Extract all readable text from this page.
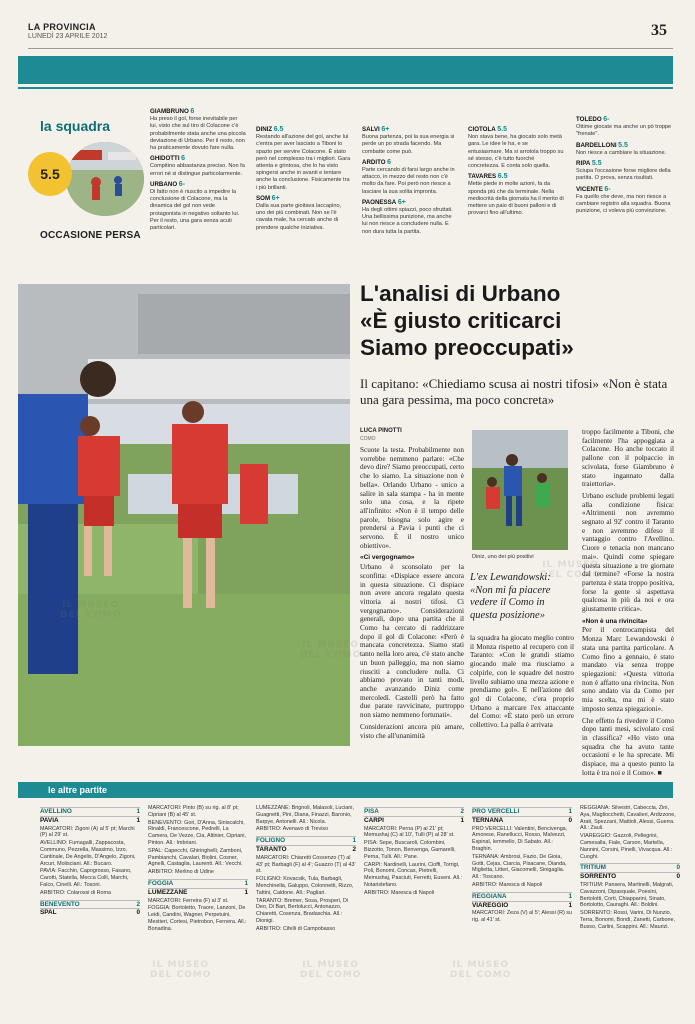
LA PROVINCIA
LUNEDÌ 23 APRILE 2012	35
la squadra
5.5
OCCASIONE PERSA
GIAMBRUNO 6
Ha preso il gol, forse inevitabile per lui, visto che sul tiro di Colacone c'è probabilmente stata anche una piccola deviazione di Urbano. Per il resto, non ha praticamente dovuto fare nulla.
GHIDOTTI 6
Compitino abbastanza preciso. Non fa errori né si distingue particolarmente.
URBANO 6-
Di fatto non è riuscito a impedire la conclusione di Colacone, ma la dinamica del gol non vede protagonista in negativo soltanto lui. Per il resto, una gara senza acuti particolari.
DINIZ 6.5
Restando all'azione del gol, anche lui c'entra per aver lasciato a Tiboni lo spazio per servire Colacone. È stato però nel complesso tra i migliori. Gara attenta e grintosa, che lo ha visto spingersi anche in avanti e tentare anche la conclusione. Fisicamente tra i più brillanti.
SOM 6+
Dalla sua parte gioitava laccapino, uno dei più combinati. Non se l'è cavata male, ha cercato anche di prendere qualche iniziativa.
SALVI 6+
Buona partenza, poi la sua energia si perde un po strada facendo. Ma combatte come può.
ARDITO 6
Parte cercando di farsi largo anche in attacco, in mezzo del resto non c'è molto da fare. Poi però non riesce a lasciare la sua solita impronta.
PAONESSA 6+
Ha degli ottimi spiazzi, poco sfruttati. Una bellissima punizione, ma anche lui non riesce a concludere nulla. E non dura tutta la partita.
CIOTOLA 5.5
Non stava bene, ha giocato solo metà gara. Le idee le ha, e se entusiasmare. Ma si arrotola troppo su sé stesso, c'è tutto fuorché concretezza. E conta solo quella.
TAVARES 6.5
Mette piede in molte azioni, fa da sponda più che da terminale. Nella mediocrità della giornata ha il merito di mettere un paio di buoni palloni e di provarci fino all'ultimo.
TOLEDO 6-
Ottime giocate ma anche un pò troppe "frenate".
BARDELLONI 5.5
Non riesce a cambiare la situazione.
RIPA 5.5
Sciupa l'occasione forse migliore della partita. O prova, senza risultati.
VICENTE 6-
Fa quello che deve, ma non riesce a cambiare registro alla squadra. Buona punizione, ci voleva più convinzione.
L'analisi di Urbano
«È giusto criticarci
Siamo preoccupati»
Il capitano: «Chiediamo scusa ai nostri tifosi» «Non è stata una gara pessima, ma poco concreta»
LUCA PINOTTI
COMO
Scuote la testa. Probabilmente non vorrebbe nemmeno parlare: «Che devo dire? Siamo preoccupati, certo che lo siamo. La situazione non è bella». Orlando Urbano - unico a salire in sala stampa - ha in mente solo una cosa, e la ripete all'infinito: «Non è il tempo delle parole, bisogna solo agire e prendersi a Pavia i punti che ci servono. È il nostro unico obiettivo».
«Ci vergognamo»
Urbano è sconsolato per la sconfitta: «Dispiace essere ancora in questa situazione. Ci dispiace non avere ancora regalato questa vittoria ai nostri tifosi. Ci vergognamo». Considerazioni generali, dopo una partita che il Como ha cercato di raddrizzare dopo il gol di Colacone: «Però è mancata concretezza. Siamo stati tanto nella loro area, c'è stato anche un buon palleggio, ma non siamo riusciti a concludere nulla. Ci abbiamo provato in tanti modi, anche avanzando Diniz come mercoledì. Castelli però ha fatto due parate ravvicinate, purtroppo non siamo nemmeno fortunati».
Considerazioni ancora più amare, visto che all'unanimità
Diniz, uno dei più positivi
L'ex Lewandowski: «Non mi fa piacere vedere il Como in questa posizione»
la squadra ha giocato meglio contro il Monza rispetto al recupero con il Taranto: «Con le grandi stiamo giocando male ma riusciamo a colpirle, con le squadre del nostro livello subiamo una mezza azione e prendiamo gol». E nell'azione del gol di Colacone, c'era proprio Urbano a marcare l'ex attaccante del Como: «È stato però un errore collettivo. La palla è arrivata
troppo facilmente a Tiboni, che facilmente l'ha appoggiata a Colacone. Ho anche toccato il pallone con il polpaccio in scivolata, forse Giambruno è stato ingannato dalla traiettoria».
Urbano esclude problemi legati alla condizione fisica: «Altrimenti non avremmo segnato al 92' contro il Taranto e non avremmo difeso il vantaggio contro l'Avellino. Cuore e tenacia non mancano mai». Quindi come spiegare questa situazione a tre giornate dal termine? «Forse la nostra partenza è stata troppo positiva, forse la gente si aspettava qualcosa in più da noi e ora giustamente critica».
«Non è una rivincita»
Per il centrocampista del Monza Marc Lewandowski è stata una partita particolare. A Como fino a gennaio, è stato mandato via senza troppe spiegazioni: «Questa vittoria non è affatto una rivincita. Non sono andato via da Como per mia scelta, ma mi è stato imposto senza spiegazioni».
Che effetto fa rivedere il Como dopo tanti mesi, scivolato così in classifica? «Ho visto una squadra che ha avuto tante occasioni e le ha sprecate. Mi dispiace, ma a questo punto la lotta è tra noi e il Como». ■
le altre partite
AVELLINO	1
PAVIA	1

MARCATORI: Zigoni (A) al 5' pt; Marchi (P) al 29' st.

AVELLINO: Fumagalli, Zappacosta, Communo, Pezzella, Massimo, Izzo, Cantinale, De Angelis, D'Angelo, Zigoni, Arcuri, Molisciani. All.: Bucaro.

PAVIA: Facchin, Capogrosso, Fasano, Carotti, Statella, Mecca Colli, Marchi, Falco, Cinelli. All.: Tosoni.

ARBITRO: Colarossi di Roma

BENEVENTO	2
SPAL	0

MARCATORI: Pinto (B) su rig. al 8' pt; Cipriani (B) al 45' st.

BENEVENTO: Gori, D'Anna, Siniscalchi, Rinaldi, Francescone, Pedrelli, La Camera, De Vezze, Cia, Altinier, Cipriani, Pinton. All.: Imbriani.

SPAL: Capecchi, Ghiringhelli, Zamboni, Pambianchi, Cavalari, Biolini, Cosner, Agnelli, Castaglia, Laurenti. All.: Vecchi.

ARBITRO: Merlino di Udine

FOGGIA	1
LUMEZZANE	1

MARCATORI: Ferreira (F) al 3' st.

FOGGIA: Bortoletto, Traore, Lanzoni, De Leidi, Candini, Wagner, Perpetuini, Mestieri, Cortesi, Pietrobon, Fernera. All.: Bonadina.

LUMEZZANE: Brignoli, Malasoli, Luciani, Guagnetti, Pini, Diana, Finazzi, Baronio, Barpye, Antonelli. All.: Nicola.

ARBITRO: Avenavo di Treviso

FOLIGNO	1
TARANTO	2

MARCATORI: Chiaretti Cossenzo (T) al 43' pt; Barbagli (F) al 4'; Guazzo (T) al 43' st.

FOLIGNO: Kovacsik, Tula, Barbagli, Menchinella, Galuppo, Colonnetti, Rizzo, Tattini, Caldone. All.: Pagliari.

TARANTO: Bremer, Sosa, Prosperi, Di Deo, Di Bari, Bertolucci, Antonazzo, Chiaretti, Cosenza, Bradaschia. All.: Dionigi.

ARBITRO: Cifelli di Campobasso

PISA	2
CARPI	1

MARCATORI: Perna (P) al 21' pt; Memushaj (C) al 10', Tulli (P) al 28' st.

PISA: Sepe, Buscaroli, Colombini, Bizzotto, Tonon, Benvenga, Gamarelli, Perna, Tulli. All.: Pane.

CARPI: Nardinelli, Laurini, Cioffi, Torrigi, Poli, Bonomi, Concas, Pietrelli, Memushaj, Pasciuti, Ferretti, Euseni. All.: Notaristefano.

ARBITRO: Maresca di Napoli

PRO VERCELLI	1
TERNANA	0

PRO VERCELLI: Valentini, Bencivenga, Arnorese, Ranellucci, Rosso, Malvezzi, Espinal, Iemmello, Di Sabato. All.: Braghin.

TERNANA: Ambrosi, Fazio, De Gioia, Gotti, Cejas, Ciarcia, Pisacane, Dianda, Miglietta, Litteri, Giacomelli, Sinigaglia. All.: Toscano.

ARBITRO: Maresca di Napoli

REGGIANA	1
VIAREGGIO	1

MARCATORI: Zeza (V) al 5'; Alessi (R) su rig. al 41' st.

REGGIANA: Silvestri, Cabeccia, Zini, Aya, Magliocchetti, Cavalieri, Ardizzone, Arati, Spezzani, Mattioli, Alessi, Guerra. All.: Zauli.

VIAREGGIO: Gazzoli, Pellegrini, Camesalla, Fiale, Carson, Martella, Nannini, Corsini, Pinelli, Vivacqua. All.: Cuoghi.

TRITIUM	0
SORRENTO	0

TRITIUM: Pansera, Martinelli, Malgrati, Cavazzoni, Dipasquale, Poesini, Bertolotti, Corti, Chiapparini, Sinato, Bortolotto, Cauraghi. All.: Boldini.

SORRENTO: Rossi, Varini, Di Nunzio, Terra, Bonomi, Bondi, Zanetti, Carbone, Busso, Carlini, Scappini. All.: Maurizi.

IL MUSEO
DEL COMO
IL MUSEO
DEL COMO
IL MUSEO
DEL COMO
IL MUSEO
DEL COMO
IL MUSEO
DEL COMO
IL MUSEO
DEL COMO
